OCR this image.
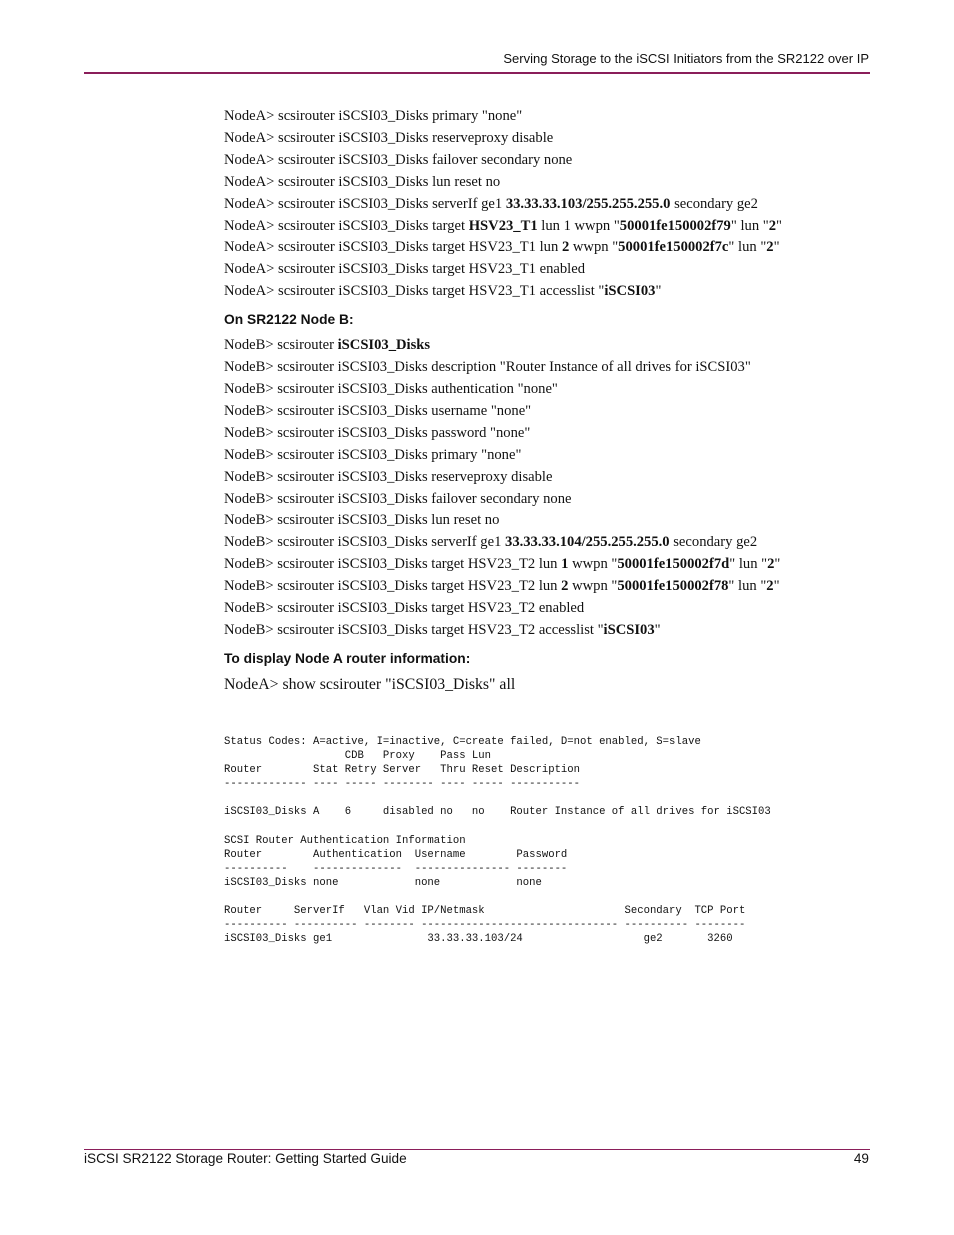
Serving Storage to the iSCSI Initiators from the SR2122 over IP
NodeA> scsirouter iSCSI03_Disks primary "none"
NodeA> scsirouter iSCSI03_Disks reserveproxy disable
NodeA> scsirouter iSCSI03_Disks failover secondary none
NodeA> scsirouter iSCSI03_Disks lun reset no
NodeA> scsirouter iSCSI03_Disks serverIf ge1 33.33.33.103/255.255.255.0 secondary ge2
NodeA> scsirouter iSCSI03_Disks target HSV23_T1 lun 1 wwpn "50001fe150002f79" lun "2"
NodeA> scsirouter iSCSI03_Disks target HSV23_T1 lun 2 wwpn "50001fe150002f7c" lun "2"
NodeA> scsirouter iSCSI03_Disks target HSV23_T1 enabled
NodeA> scsirouter iSCSI03_Disks target HSV23_T1 accesslist "iSCSI03"
On SR2122 Node B:
NodeB> scsirouter iSCSI03_Disks
NodeB> scsirouter iSCSI03_Disks description "Router Instance of all drives for iSCSI03"
NodeB> scsirouter iSCSI03_Disks authentication "none"
NodeB> scsirouter iSCSI03_Disks username "none"
NodeB> scsirouter iSCSI03_Disks password "none"
NodeB> scsirouter iSCSI03_Disks primary "none"
NodeB> scsirouter iSCSI03_Disks reserveproxy disable
NodeB> scsirouter iSCSI03_Disks failover secondary none
NodeB> scsirouter iSCSI03_Disks lun reset no
NodeB> scsirouter iSCSI03_Disks serverIf ge1 33.33.33.104/255.255.255.0 secondary ge2
NodeB> scsirouter iSCSI03_Disks target HSV23_T2 lun 1 wwpn "50001fe150002f7d" lun "2"
NodeB> scsirouter iSCSI03_Disks target HSV23_T2 lun 2 wwpn "50001fe150002f78" lun "2"
NodeB> scsirouter iSCSI03_Disks target HSV23_T2 enabled
NodeB> scsirouter iSCSI03_Disks target HSV23_T2 accesslist "iSCSI03"
To display Node A router information:
NodeA> show scsirouter "iSCSI03_Disks" all
Status Codes: A=active, I=inactive, C=create failed, D=not enabled, S=slave
CDB   Proxy    Pass Lun
Router        Stat Retry Server   Thru Reset Description
------------- ---- ----- -------- ---- ----- -----------

iSCSI03_Disks A    6     disabled no   no    Router Instance of all drives for iSCSI03

SCSI Router Authentication Information
Router        Authentication  Username        Password
----------    --------------  --------------- --------
iSCSI03_Disks none            none            none

Router     ServerIf   Vlan Vid IP/Netmask                      Secondary  TCP Port
---------- ---------- -------- ------------------------------- ---------- --------
iSCSI03_Disks ge1               33.33.33.103/24                   ge2       3260
iSCSI SR2122 Storage Router: Getting Started Guide	49
